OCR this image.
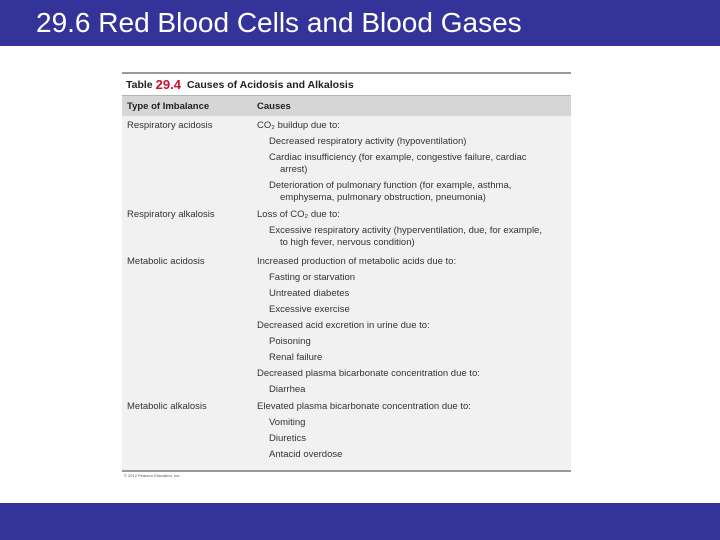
29.6 Red Blood Cells and Blood Gases
Table 29.4 Causes of Acidosis and Alkalosis
Type of Imbalance	Causes
Respiratory acidosis	CO₂ buildup due to:
Decreased respiratory activity (hypoventilation)
Cardiac insufficiency (for example, congestive failure, cardiac
arrest)
Deterioration of pulmonary function (for example, asthma,
emphysema, pulmonary obstruction, pneumonia)
Respiratory alkalosis	Loss of CO₂ due to:
Excessive respiratory activity (hyperventilation, due, for example,
to high fever, nervous condition)
Metabolic acidosis	Increased production of metabolic acids due to:
Fasting or starvation
Untreated diabetes
Excessive exercise
Decreased acid excretion in urine due to:
Poisoning
Renal failure
Decreased plasma bicarbonate concentration due to:
Diarrhea
Metabolic alkalosis	Elevated plasma bicarbonate concentration due to:
Vomiting
Diuretics
Antacid overdose
© 2012 Pearson Education, Inc.
